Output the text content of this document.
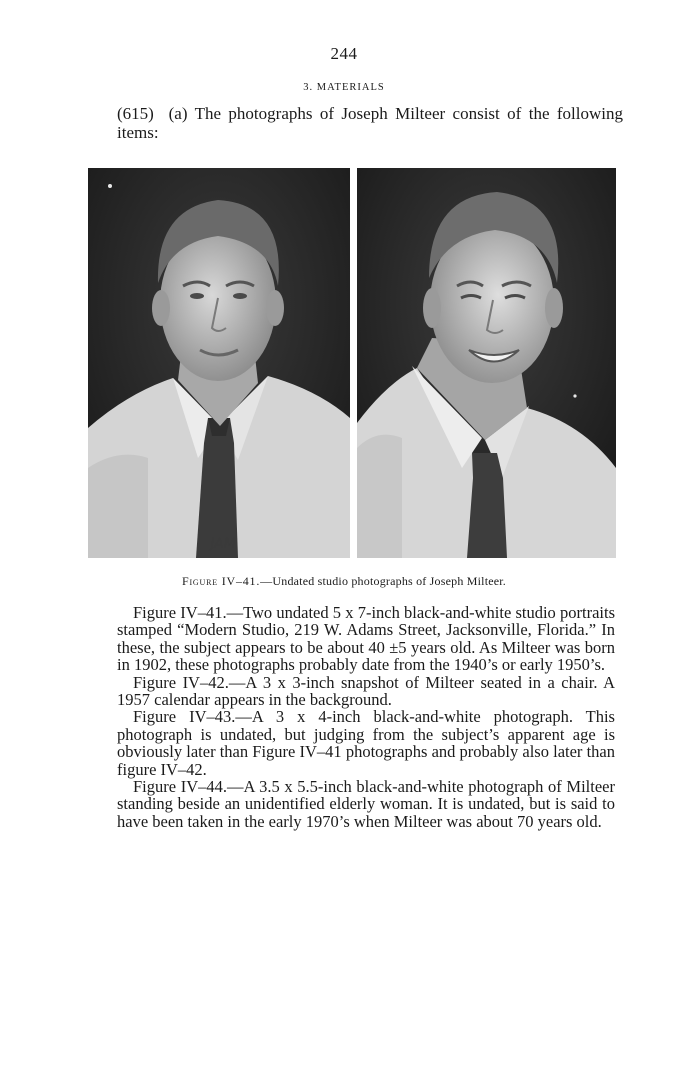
244
3. MATERIALS
(615) (a) The photographs of Joseph Milteer consist of the following items:
JAM
Figure IV–41.—Undated studio photographs of Joseph Milteer.

Figure IV–41.—Two undated 5 x 7-inch black-and-white studio portraits stamped “Modern Studio, 219 W. Adams Street, Jacksonville, Florida.” In these, the subject appears to be about 40 ±5 years old. As Milteer was born in 1902, these photographs probably date from the 1940’s or early 1950’s.

Figure IV–42.—A 3 x 3-inch snapshot of Milteer seated in a chair. A 1957 calendar appears in the background.

Figure IV–43.—A 3 x 4-inch black-and-white photograph. This photograph is undated, but judging from the subject’s apparent age is obviously later than Figure IV–41 photographs and probably also later than figure IV–42.

Figure IV–44.—A 3.5 x 5.5-inch black-and-white photograph of Milteer standing beside an unidentified elderly woman. It is undated, but is said to have been taken in the early 1970’s when Milteer was about 70 years old.
